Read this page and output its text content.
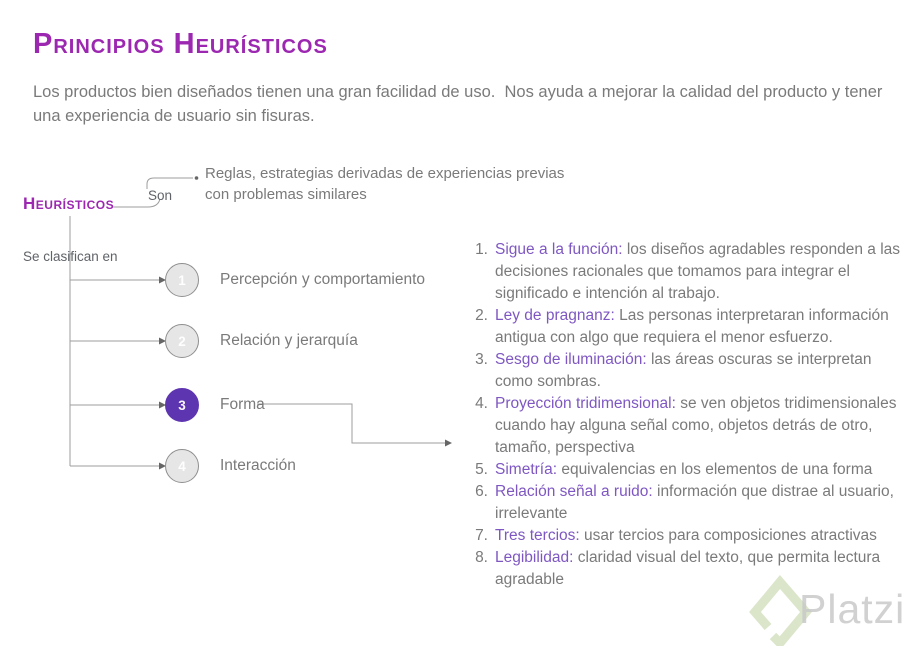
Principios Heurísticos
Los productos bien diseñados tienen una gran facilidad de uso.  Nos ayuda a mejorar la calidad del producto y tener una experiencia de usuario sin fisuras.
Heurísticos	Son
Reglas, estrategias derivadas de experiencias previas con problemas similares
Se clasifican en
1 Percepción y comportamiento
2 Relación y jerarquía
3 Forma
4 Interacción
Platzi
1. Sigue a la función: los diseños agradables responden a las decisiones racionales que tomamos para integrar el significado e intención al trabajo.
2. Ley de pragnanz: Las personas interpretaran información antigua con algo que requiera el menor esfuerzo.
3. Sesgo de iluminación: las áreas oscuras se interpretan como sombras.
4. Proyección tridimensional: se ven objetos tridimensionales cuando hay alguna señal como, objetos detrás de otro, tamaño, perspectiva
5. Simetría: equivalencias en los elementos de una forma
6. Relación señal a ruido: información que distrae al usuario, irrelevante
7. Tres tercios: usar tercios para composiciones atractivas
8. Legibilidad: claridad visual del texto, que permita lectura agradable
